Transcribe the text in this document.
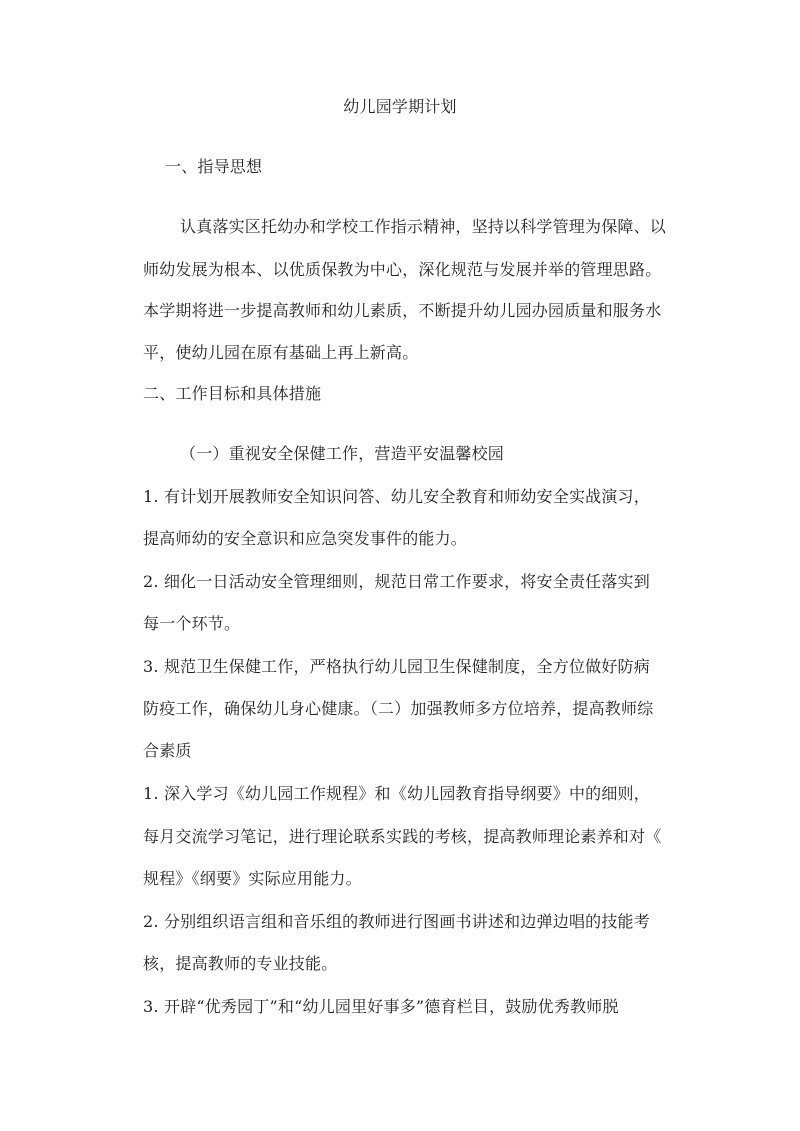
幼儿园学期计划
一、指导思想
认真落实区托幼办和学校工作指示精神，坚持以科学管理为保障、以
师幼发展为根本、以优质保教为中心，深化规范与发展并举的管理思路。
本学期将进一步提高教师和幼儿素质，不断提升幼儿园办园质量和服务水
平，使幼儿园在原有基础上再上新高。
二、工作目标和具体措施
（一）重视安全保健工作，营造平安温馨校园
1. 有计划开展教师安全知识问答、幼儿安全教育和师幼安全实战演习，
提高师幼的安全意识和应急突发事件的能力。
2. 细化一日活动安全管理细则，规范日常工作要求，将安全责任落实到
每一个环节。
3. 规范卫生保健工作，严格执行幼儿园卫生保健制度，全方位做好防病
防疫工作，确保幼儿身心健康。（二）加强教师多方位培养，提高教师综
合素质
1. 深入学习《幼儿园工作规程》和《幼儿园教育指导纲要》中的细则，
每月交流学习笔记，进行理论联系实践的考核，提高教师理论素养和对《
规程》《纲要》实际应用能力。
2. 分别组织语言组和音乐组的教师进行图画书讲述和边弹边唱的技能考
核，提高教师的专业技能。
3. 开辟“优秀园丁”和“幼儿园里好事多”德育栏目，鼓励优秀教师脱
